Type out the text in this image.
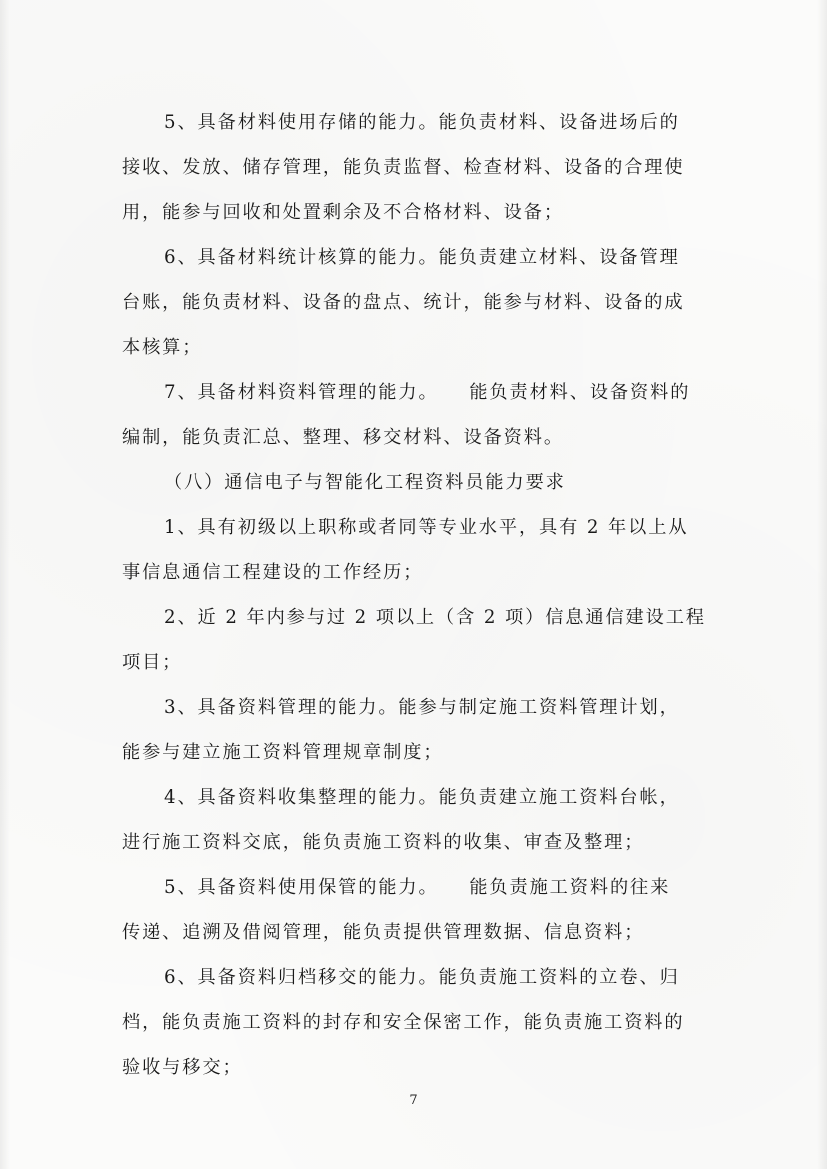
5、具备材料使用存储的能力。能负责材料、设备进场后的
接收、发放、储存管理，能负责监督、检查材料、设备的合理使
用，能参与回收和处置剩余及不合格材料、设备；
6、具备材料统计核算的能力。能负责建立材料、设备管理
台账，能负责材料、设备的盘点、统计，能参与材料、设备的成
本核算；
7、具备材料资料管理的能力。    能负责材料、设备资料的
编制，能负责汇总、整理、移交材料、设备资料。
（八）通信电子与智能化工程资料员能力要求
1、具有初级以上职称或者同等专业水平，具有 2 年以上从
事信息通信工程建设的工作经历；
2、近 2 年内参与过 2 项以上（含 2 项）信息通信建设工程
项目；
3、具备资料管理的能力。能参与制定施工资料管理计划，
能参与建立施工资料管理规章制度；
4、具备资料收集整理的能力。能负责建立施工资料台帐，
进行施工资料交底，能负责施工资料的收集、审查及整理；
5、具备资料使用保管的能力。    能负责施工资料的往来
传递、追溯及借阅管理，能负责提供管理数据、信息资料；
6、具备资料归档移交的能力。能负责施工资料的立卷、归
档，能负责施工资料的封存和安全保密工作，能负责施工资料的
验收与移交；
7
